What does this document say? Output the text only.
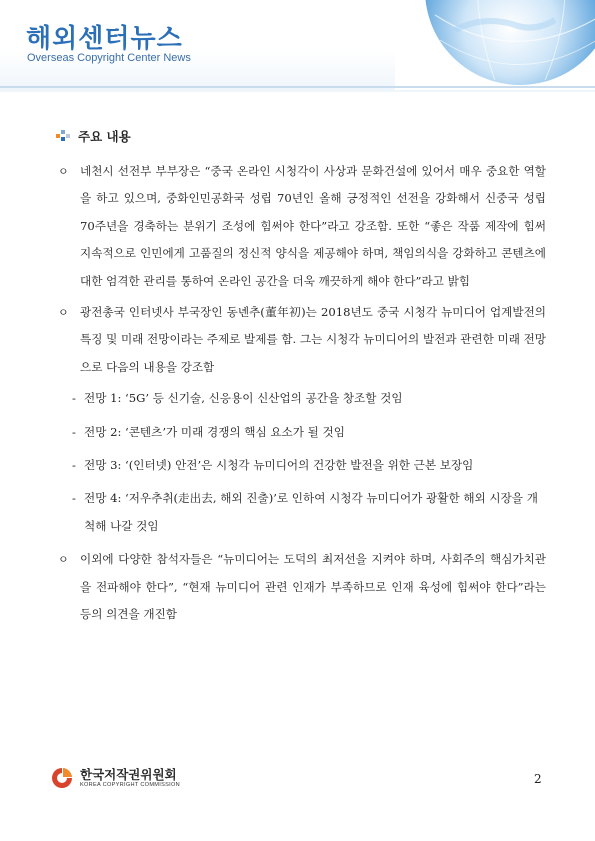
해외센터뉴스
Overseas Copyright Center News
주요 내용
ㅇ 네천시 선전부 부부장은 “중국 온라인 시청각이 사상과 문화건설에 있어서 매우 중요한 역할을 하고 있으며, 중화인민공화국 성립 70년인 올해 긍정적인 선전을 강화해서 신중국 성립 70주년을 경축하는 분위기 조성에 힘써야 한다”라고 강조함. 또한 “좋은 작품 제작에 힘써 지속적으로 인민에게 고품질의 정신적 양식을 제공해야 하며, 책임의식을 강화하고 콘텐츠에 대한 엄격한 관리를 통하여 온라인 공간을 더욱 깨끗하게 해야 한다”라고 밝힘
ㅇ 광전총국 인터넷사 부국장인 동녠추(董年初)는 2018년도 중국 시청각 뉴미디어 업계발전의 특징 및 미래 전망이라는 주제로 발제를 함. 그는 시청각 뉴미디어의 발전과 관련한 미래 전망으로 다음의 내용을 강조함
- 전망 1: ‘5G’ 등 신기술, 신응용이 신산업의 공간을 창조할 것임
- 전망 2: ‘콘텐츠’가 미래 경쟁의 핵심 요소가 될 것임
- 전망 3: ‘(인터넷) 안전’은 시청각 뉴미디어의 건강한 발전을 위한 근본 보장임
- 전망 4: ‘저우추취(走出去, 해외 진출)’로 인하여 시청각 뉴미디어가 광활한 해외 시장을 개척해 나갈 것임
ㅇ 이외에 다양한 참석자들은 “뉴미디어는 도덕의 최저선을 지켜야 하며, 사회주의 핵심가치관을 전파해야 한다”, “현재 뉴미디어 관련 인재가 부족하므로 인재 육성에 힘써야 한다”라는 등의 의견을 개진함
한국저작권위원회
KOREA COPYRIGHT COMMISSION	2
